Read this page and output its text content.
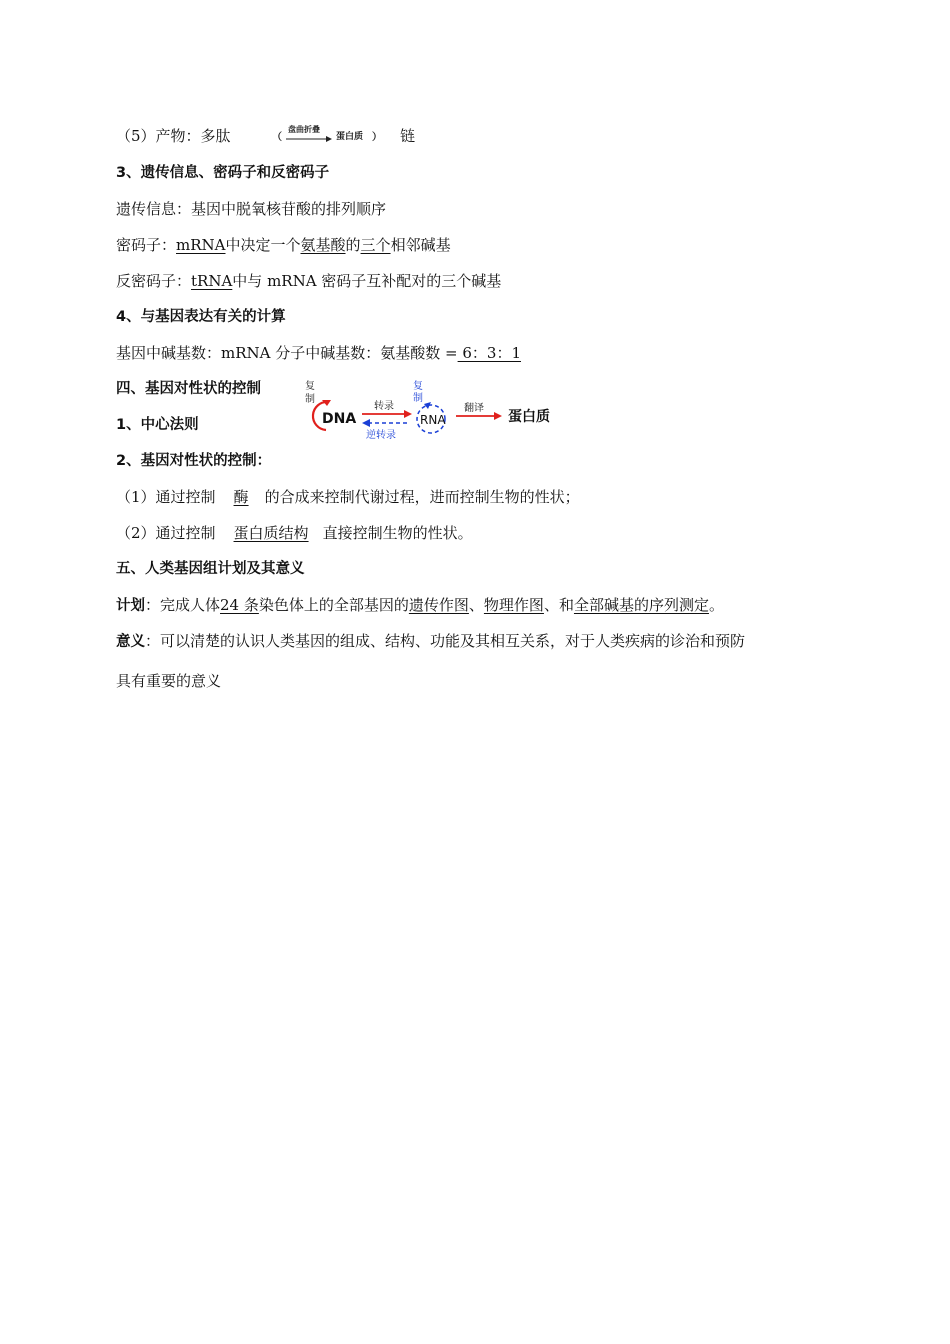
（5）产物：多肽	（
盘曲折叠
蛋白质 ） 链
3、遗传信息、密码子和反密码子
遗传信息：基因中脱氧核苷酸的排列顺序
密码子：mRNA中决定一个氨基酸的三个相邻碱基
反密码子：tRNA中与 mRNA 密码子互补配对的三个碱基
4、与基因表达有关的计算
基因中碱基数：mRNA 分子中碱基数：氨基酸数 = 6：3：1
四、基因对性状的控制
1、中心法则
复
制
DNA
转录
逆转录
复
制
RNA
翻译
蛋白质
2、基因对性状的控制：
（1）通过控制 酶 的合成来控制代谢过程，进而控制生物的性状；
（2）通过控制 蛋白质结构 直接控制生物的性状。
五、人类基因组计划及其意义
计划：完成人体24 条染色体上的全部基因的遗传作图、物理作图、和全部碱基的序列测定。
意义：可以清楚的认识人类基因的组成、结构、功能及其相互关系，对于人类疾病的诊治和预防
具有重要的意义
